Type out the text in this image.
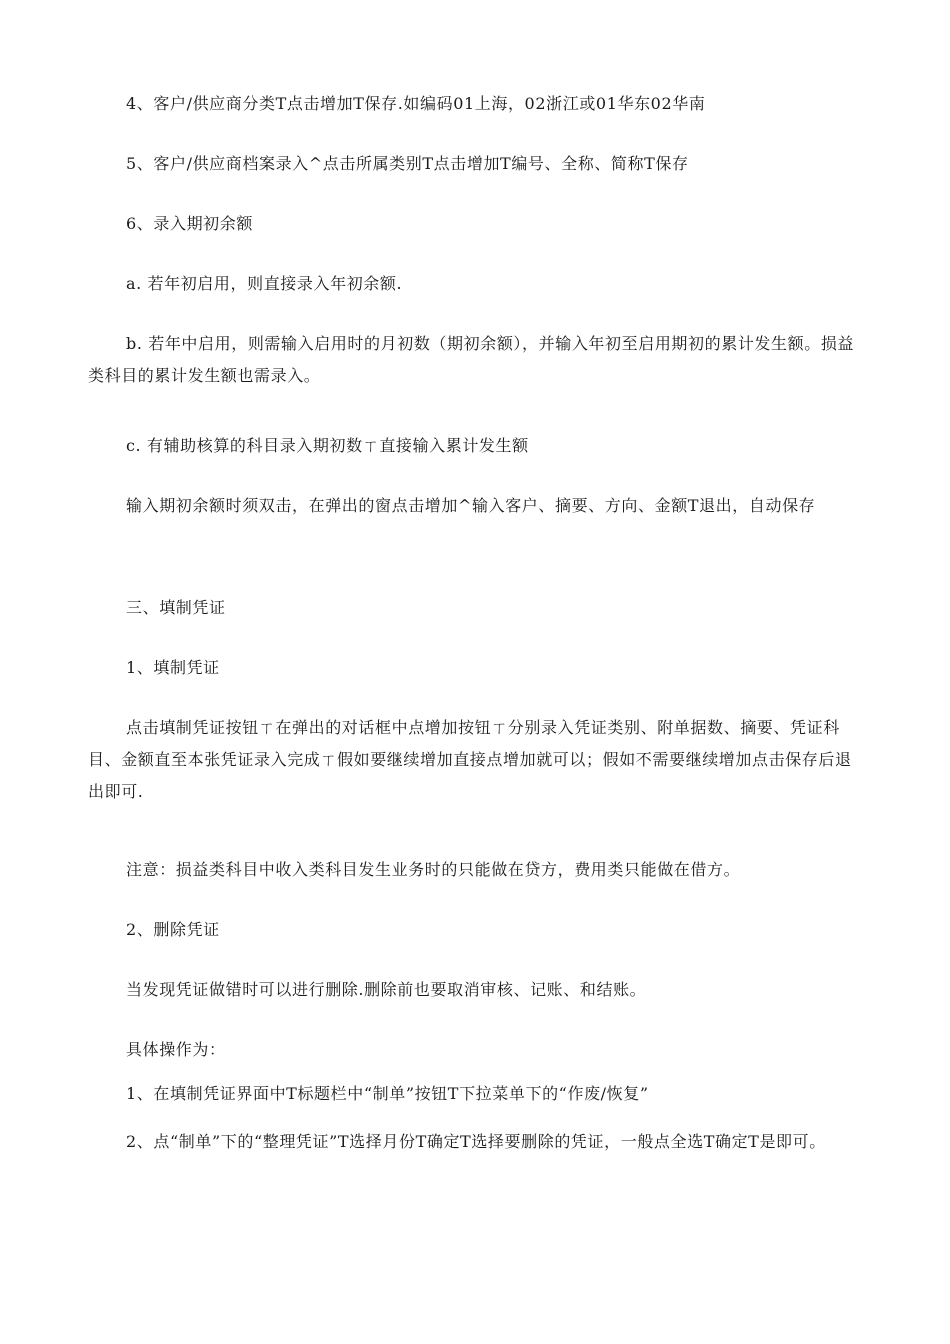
4、客户/供应商分类T点击增加T保存.如编码01上海，02浙江或01华东02华南

5、客户/供应商档案录入^点击所属类别T点击增加T编号、全称、简称T保存

6、录入期初余额

a. 若年初启用，则直接录入年初余额.

b. 若年中启用，则需输入启用时的月初数（期初余额），并输入年初至启用期初的累计发生额。损益类科目的累计发生额也需录入。

c. 有辅助核算的科目录入期初数ㄒ直接输入累计发生额

输入期初余额时须双击，在弹出的窗点击增加^输入客户、摘要、方向、金额T退出，自动保存

三、填制凭证

1、填制凭证

点击填制凭证按钮ㄒ在弹出的对话框中点增加按钮ㄒ分别录入凭证类别、附单据数、摘要、凭证科目、金额直至本张凭证录入完成ㄒ假如要继续增加直接点增加就可以；假如不需要继续增加点击保存后退出即可.

注意：损益类科目中收入类科目发生业务时的只能做在贷方，费用类只能做在借方。

2、删除凭证

当发现凭证做错时可以进行删除.删除前也要取消审核、记账、和结账。

具体操作为：

1、在填制凭证界面中T标题栏中“制单”按钮T下拉菜单下的“作废/恢复”

2、点“制单”下的“整理凭证”T选择月份T确定T选择要删除的凭证，一般点全选T确定T是即可。
